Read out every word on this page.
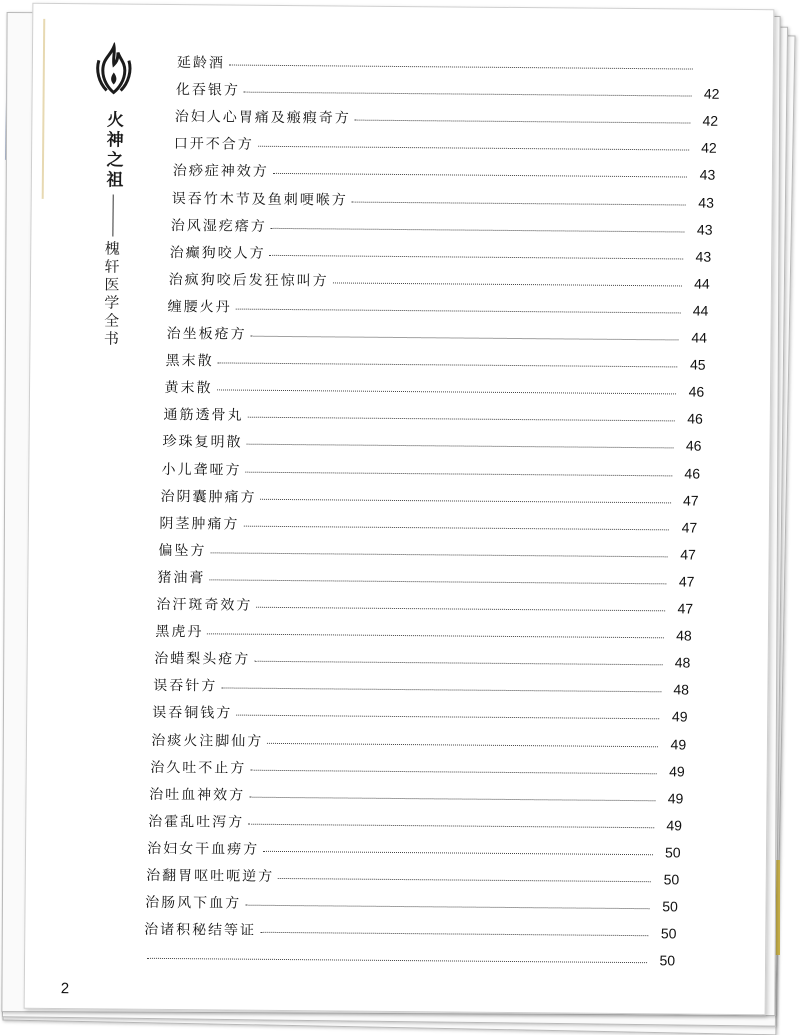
火神之祖
槐轩医学全书
延龄酒
化吞银方	42
治妇人心胃痛及瘢瘕奇方	42
口开不合方	42
治痧症神效方	43
误吞竹木节及鱼刺哽喉方	43
治风湿疙瘩方	43
治癫狗咬人方	43
治疯狗咬后发狂惊叫方	44
缠腰火丹	44
治坐板疮方	44
黑末散	45
黄末散	46
通筋透骨丸	46
珍珠复明散	46
小儿聋哑方	46
治阴囊肿痛方	47
阴茎肿痛方	47
偏坠方	47
猪油膏	47
治汗斑奇效方	47
黑虎丹	48
治蜡梨头疮方	48
误吞针方	48
误吞铜钱方	49
治痰火注脚仙方	49
治久吐不止方	49
治吐血神效方	49
治霍乱吐泻方	49
治妇女干血痨方	50
治翻胃呕吐呃逆方	50
治肠风下血方	50
治诸积秘结等证	50
50
2
